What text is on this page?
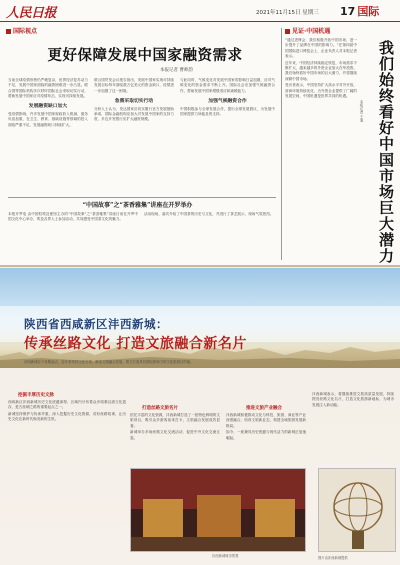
人民日报	2021年11月15日 星期三 17 国际
国际视点
更好保障发展中国家融资需求
本报记者 曹师韵

当前全球疫情形势仍严峻复杂，世界经济复苏动力不足，发展中国家面临的融资困难进一步凸显。联合国等国际机构多次呼吁国际社会采取切实行动，帮助发展中国家应对疫情冲击、实现可持续发展。

发展融资缺口加大

受疫情影响，许多发展中国家财政收入锐减、债务负担加重，在卫生、教育、基础设施等领域的投入面临严重不足，发展融资缺口持续扩大。

联合国贸发会议报告指出，发展中国家实现可持续发展目标每年面临数万亿美元的资金缺口，疫情进一步加剧了这一困境。

急需采取切实行动

分析人士认为，发达国家应切实履行官方发展援助承诺，国际金融机构应加大对发展中国家的支持力度，多边开发银行应扩大融资规模。

与此同时，气候变化对发展中国家的影响日益加剧，应对气候变化的资金需求不断上升。国际社会应加强气候融资合作，帮助发展中国家增强适应和减缓能力。

加强气候融资合作

中国积极参与全球发展合作，提出全球发展倡议，为发展中国家提供力所能及的支持。

“中国故事”之“茶香雅集”讲座在开罗举办

本报开罗电 由中国驻埃及使馆主办的“中国故事”之“茶香雅集”讲座日前在开罗中国文化中心举办，埃及各界人士参加活动，共同感受中国茶文化的魅力。

活动现场，嘉宾介绍了中国茶的历史与文化，并进行了茶艺展示，现场气氛热烈。

见证·中国机遇

“通过进博会，我们积极开拓中国市场，进一步提升了品牌在中国的影响力。”在第四届中国国际进口博览会上，企业负责人对本报记者表示。

近年来，中国经济持续稳定恢复，市场需求不断扩大，越来越多的外资企业加大在华投资。我们始终看好中国市场的巨大潜力，并将继续深耕中国市场。

受访者表示，中国坚持扩大高水平对外开放，营商环境持续优化，为外资企业提供了广阔的发展空间，中国机遇是世界共同的机遇。	我们始终看好中国市场巨大潜力
本报记者 王迪
陕西省西咸新区沣西新城：
传承丝路文化 打造文旅融合新名片
沣西新城位于丝路起点，近年来坚持文化引领，推动文旅融合发展，着力打造具有国际影响力的文化旅游目的地。
挖掘丰厚历史文脉

西咸新区沣西新城历史文化底蕴深厚，区域内分布着众多周秦汉唐文化遗存，是古丝绸之路的重要起点之一。

新城坚持保护与传承并重，深入挖掘历史文化资源，讲好丝路故事，让历史文化在新时代焕发新的生机。

打造丝路文旅名片

依托丰富的文化资源，沣西新城打造了一批特色鲜明的文旅项目，吸引众多游客前来打卡，文旅融合发展成效显著。

新城举办多场丝路文化交流活动，促进中外文化交流互鉴。

推进文旅产业融合

沣西新城积极推动文化与科技、旅游、商业等产业深度融合，培育文旅新业态，构建全域旅游发展新格局。

如今，一座兼具历史底蕴与现代活力的新城正加速崛起。

沣西新城表示，将继续推进文旅高质量发展，持续擦亮丝路文化名片，打造文化旅游新地标，为城市发展注入新动能。

沣西新城城市景观	图片由沣西新城提供
